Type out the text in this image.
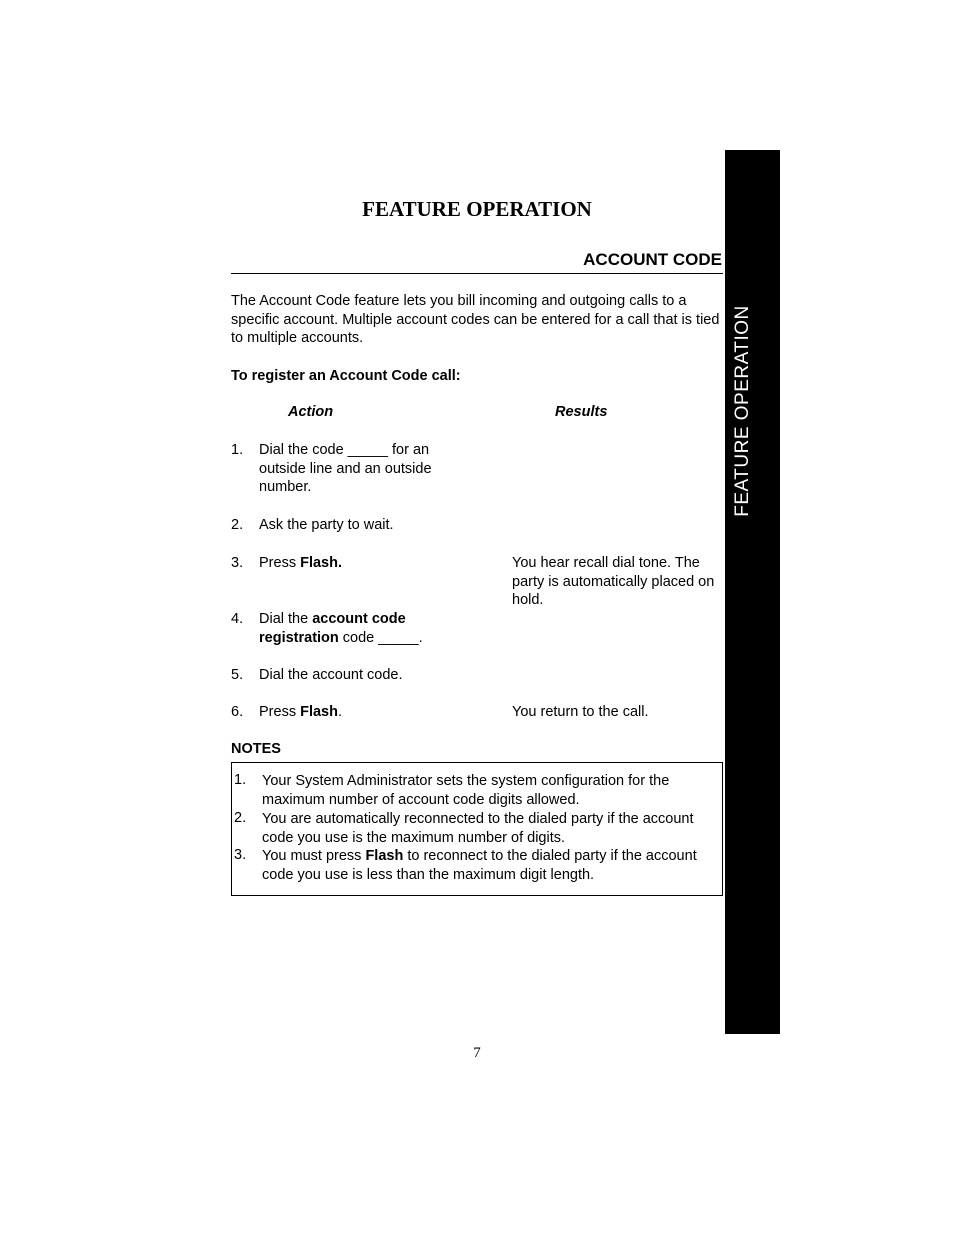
FEATURE OPERATION
FEATURE OPERATION
ACCOUNT CODE

The Account Code feature lets you bill incoming and outgoing calls to a specific account. Multiple account codes can be entered for a call that is tied to multiple accounts.

To register an Account Code call:

Action	Results

1. Dial the code _____ for an outside line and an outside number.
2. Ask the party to wait.
3. Press Flash.	You hear recall dial tone. The party is automatically placed on hold.
4. Dial the account code registration code _____.
5. Dial the account code.
6. Press Flash.	You return to the call.

NOTES

1. Your System Administrator sets the system configuration for the maximum number of account code digits allowed.
2. You are automatically reconnected to the dialed party if the account code you use is the maximum number of digits.
3. You must press Flash to reconnect to the dialed party if the account code you use is less than the maximum digit length.
7
